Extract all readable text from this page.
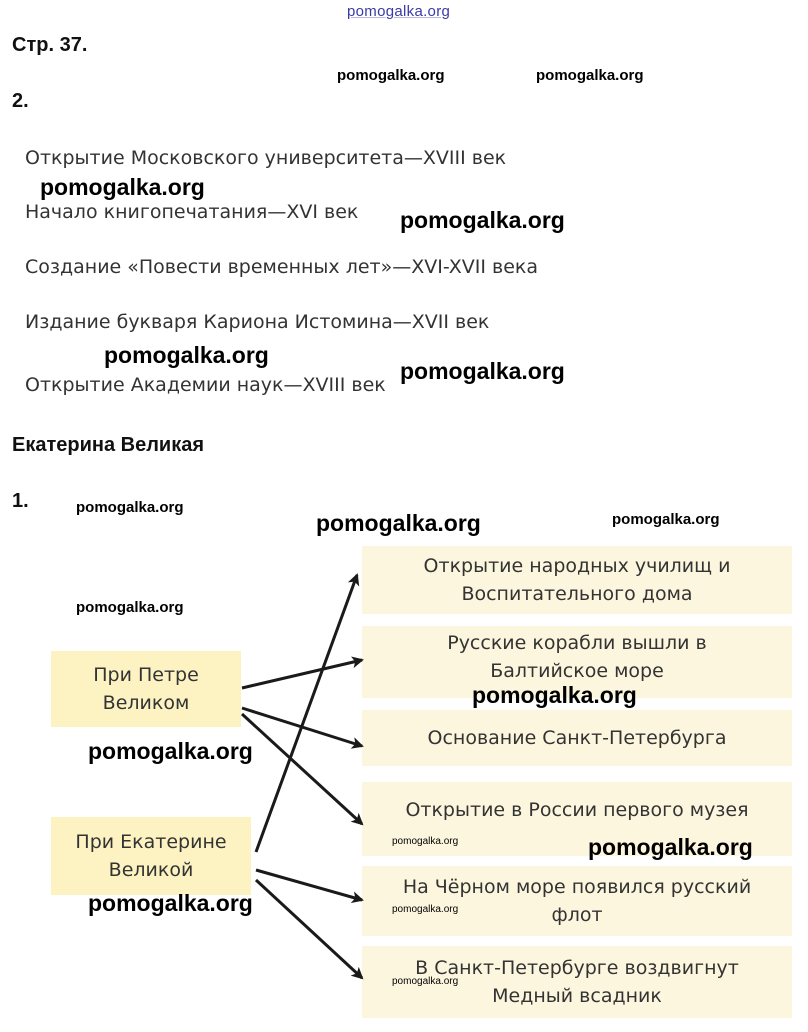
pomogalka.org
Стр. 37.
pomogalka.org	pomogalka.org
2.
Открытие Московского университета—XVIII век
pomogalka.org
Начало книгопечатания—XVI век pomogalka.org
Создание «Повести временных лет»—XVI-XVII века
Издание букваря Кариона Истомина—XVII век
pomogalka.org
Открытие Академии наук—XVIII век
pomogalka.org
Екатерина Великая
1.	pomogalka.org
pomogalka.org	pomogalka.org
pomogalka.org
Открытие народных училищ и
Воспитательного дома
Русские корабли вышли в
Балтийское море
Основание Санкт-Петербурга
Открытие в России первого музея
На Чёрном море появился русский
флот
В Санкт-Петербурге воздвигнут
Медный всадник
При Петре
Великом
При Екатерине
Великой
pomogalka.org
pomogalka.org
pomogalka.org	pomogalka.org
pomogalka.org	pomogalka.org
pomogalka.org
